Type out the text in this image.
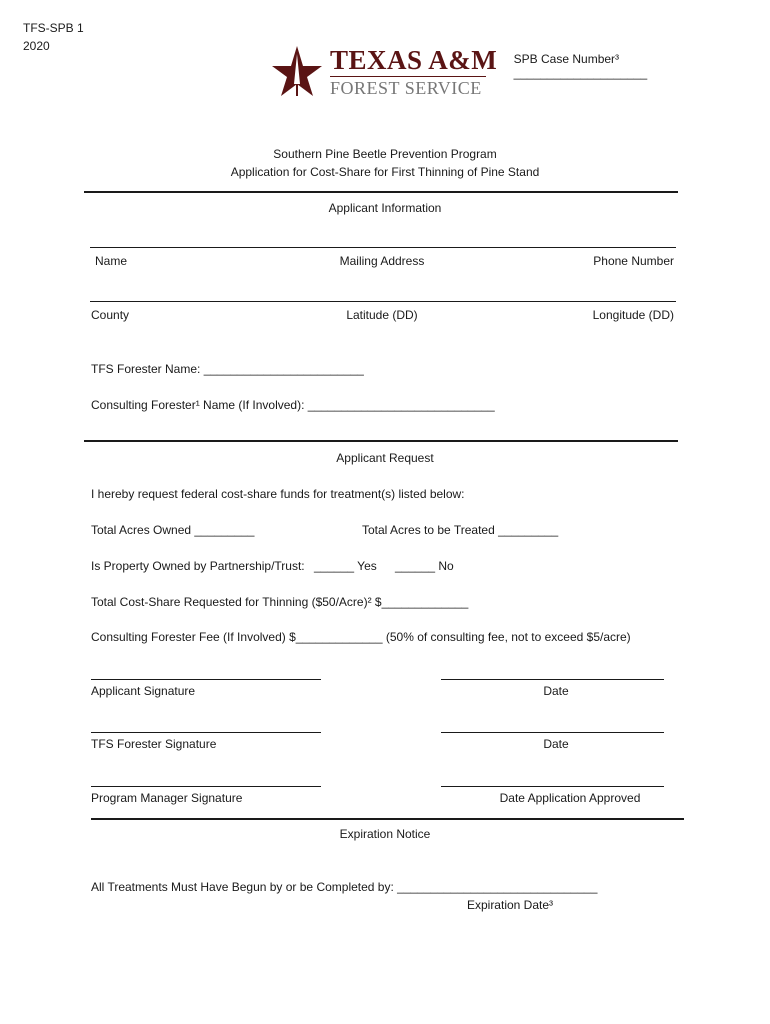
TFS-SPB 1
2020

SPB Case Number³
____________________

TEXAS A&M
FOREST SERVICE
Southern Pine Beetle Prevention Program
Application for Cost-Share for First Thinning of Pine Stand
Applicant Information
Name	Mailing Address	Phone Number
County	Latitude (DD)	Longitude (DD)
TFS Forester Name: ________________________
Consulting Forester¹ Name (If Involved): ____________________________
Applicant Request
I hereby request federal cost-share funds for treatment(s) listed below:
Total Acres Owned _________	Total Acres to be Treated _________
Is Property Owned by Partnership/Trust: ______ Yes ______ No
Total Cost-Share Requested for Thinning ($50/Acre)² $_____________
Consulting Forester Fee (If Involved) $_____________ (50% of consulting fee, not to exceed $5/acre)
Applicant Signature	Date
TFS Forester Signature	Date
Program Manager Signature	Date Application Approved
Expiration Notice
All Treatments Must Have Begun by or be Completed by: ______________________________
Expiration Date³
